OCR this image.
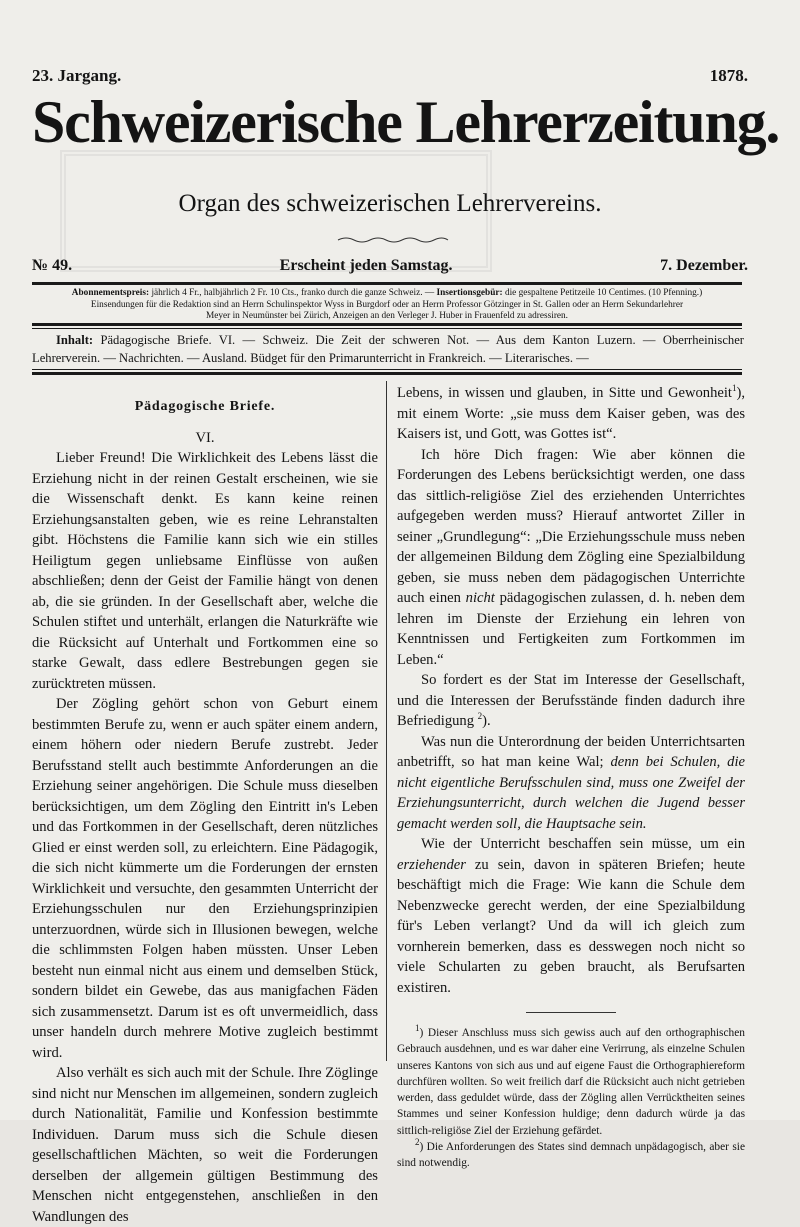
23. Jargang.	1878.
Schweizerische Lehrerzeitung.
Organ des schweizerischen Lehrervereins.
№ 49.	Erscheint jeden Samstag.	7. Dezember.
Abonnementspreis: jährlich 4 Fr., halbjährlich 2 Fr. 10 Cts., franko durch die ganze Schweiz. — Insertionsgebür: die gespaltene Petitzeile 10 Centimes. (10 Pfenning.)
Einsendungen für die Redaktion sind an Herrn Schulinspektor Wyss in Burgdorf oder an Herrn Professor Götzinger in St. Gallen oder an Herrn Sekundarlehrer
Meyer in Neumünster bei Zürich, Anzeigen an den Verleger J. Huber in Frauenfeld zu adressiren.
Inhalt: Pädagogische Briefe. VI. — Schweiz. Die Zeit der schweren Not. — Aus dem Kanton Luzern. — Oberrheinischer Lehrerverein. — Nachrichten. — Ausland. Büdget für den Primarunterricht in Frankreich. — Literarisches. —

Pädagogische Briefe.

VI.

Lieber Freund! Die Wirklichkeit des Lebens lässt die Erziehung nicht in der reinen Gestalt erscheinen, wie sie die Wissenschaft denkt. Es kann keine reinen Erziehungsanstalten geben, wie es reine Lehranstalten gibt. Höchstens die Familie kann sich wie ein stilles Heiligtum gegen unliebsame Einflüsse von außen abschließen; denn der Geist der Familie hängt von denen ab, die sie gründen. In der Gesellschaft aber, welche die Schulen stiftet und unterhält, erlangen die Naturkräfte wie die Rücksicht auf Unterhalt und Fortkommen eine so starke Gewalt, dass edlere Bestrebungen gegen sie zurücktreten müssen.

Der Zögling gehört schon von Geburt einem bestimmten Berufe zu, wenn er auch später einem andern, einem höhern oder niedern Berufe zustrebt. Jeder Berufsstand stellt auch bestimmte Anforderungen an die Erziehung seiner angehörigen. Die Schule muss dieselben berücksichtigen, um dem Zögling den Eintritt in's Leben und das Fortkommen in der Gesellschaft, deren nützliches Glied er einst werden soll, zu erleichtern. Eine Pädagogik, die sich nicht kümmerte um die Forderungen der ernsten Wirklichkeit und versuchte, den gesammten Unterricht der Erziehungsschulen nur den Erziehungsprinzipien unterzuordnen, würde sich in Illusionen bewegen, welche die schlimmsten Folgen haben müssten. Unser Leben besteht nun einmal nicht aus einem und demselben Stück, sondern bildet ein Gewebe, das aus manigfachen Fäden sich zusammensetzt. Darum ist es oft unvermeidlich, dass unser handeln durch mehrere Motive zugleich bestimmt wird.

Also verhält es sich auch mit der Schule. Ihre Zöglinge sind nicht nur Menschen im allgemeinen, sondern zugleich durch Nationalität, Familie und Konfession bestimmte Individuen. Darum muss sich die Schule diesen gesellschaftlichen Mächten, so weit die Forderungen derselben der allgemein gültigen Bestimmung des Menschen nicht entgegenstehen, anschließen in den Wandlungen des

Lebens, in wissen und glauben, in Sitte und Gewonheit$^1$), mit einem Worte: „sie muss dem Kaiser geben, was des Kaisers ist, und Gott, was Gottes ist“.

Ich höre Dich fragen: Wie aber können die Forderungen des Lebens berücksichtigt werden, one dass das sittlich-religiöse Ziel des erziehenden Unterrichtes aufgegeben werden muss? Hierauf antwortet Ziller in seiner „Grundlegung“: „Die Erziehungsschule muss neben der allgemeinen Bildung dem Zögling eine Spezialbildung geben, sie muss neben dem pädagogischen Unterrichte auch einen nicht pädagogischen zulassen, d. h. neben dem lehren im Dienste der Erziehung ein lehren von Kenntnissen und Fertigkeiten zum Fortkommen im Leben.“

So fordert es der Stat im Interesse der Gesellschaft, und die Interessen der Berufsstände finden dadurch ihre Befriedigung $^2$).

Was nun die Unterordnung der beiden Unterrichtsarten anbetrifft, so hat man keine Wal; denn bei Schulen, die nicht eigentliche Berufsschulen sind, muss one Zweifel der Erziehungsunterricht, durch welchen die Jugend besser gemacht werden soll, die Hauptsache sein.

Wie der Unterricht beschaffen sein müsse, um ein erziehender zu sein, davon in späteren Briefen; heute beschäftigt mich die Frage: Wie kann die Schule dem Nebenzwecke gerecht werden, der eine Spezialbildung für's Leben verlangt? Und da will ich gleich zum vornherein bemerken, dass es desswegen noch nicht so viele Schularten zu geben braucht, als Berufsarten existiren.

$^1$) Dieser Anschluss muss sich gewiss auch auf den orthographischen Gebrauch ausdehnen, und es war daher eine Verirrung, als einzelne Schulen unseres Kantons von sich aus und auf eigene Faust die Orthographiereform durchfüren wollten. So weit freilich darf die Rücksicht auch nicht getrieben werden, dass geduldet würde, dass der Zögling allen Verrücktheiten seines Stammes und seiner Konfession huldige; denn dadurch würde ja das sittlich-religiöse Ziel der Erziehung gefärdet.

$^2$) Die Anforderungen des States sind demnach unpädagogisch, aber sie sind notwendig.
